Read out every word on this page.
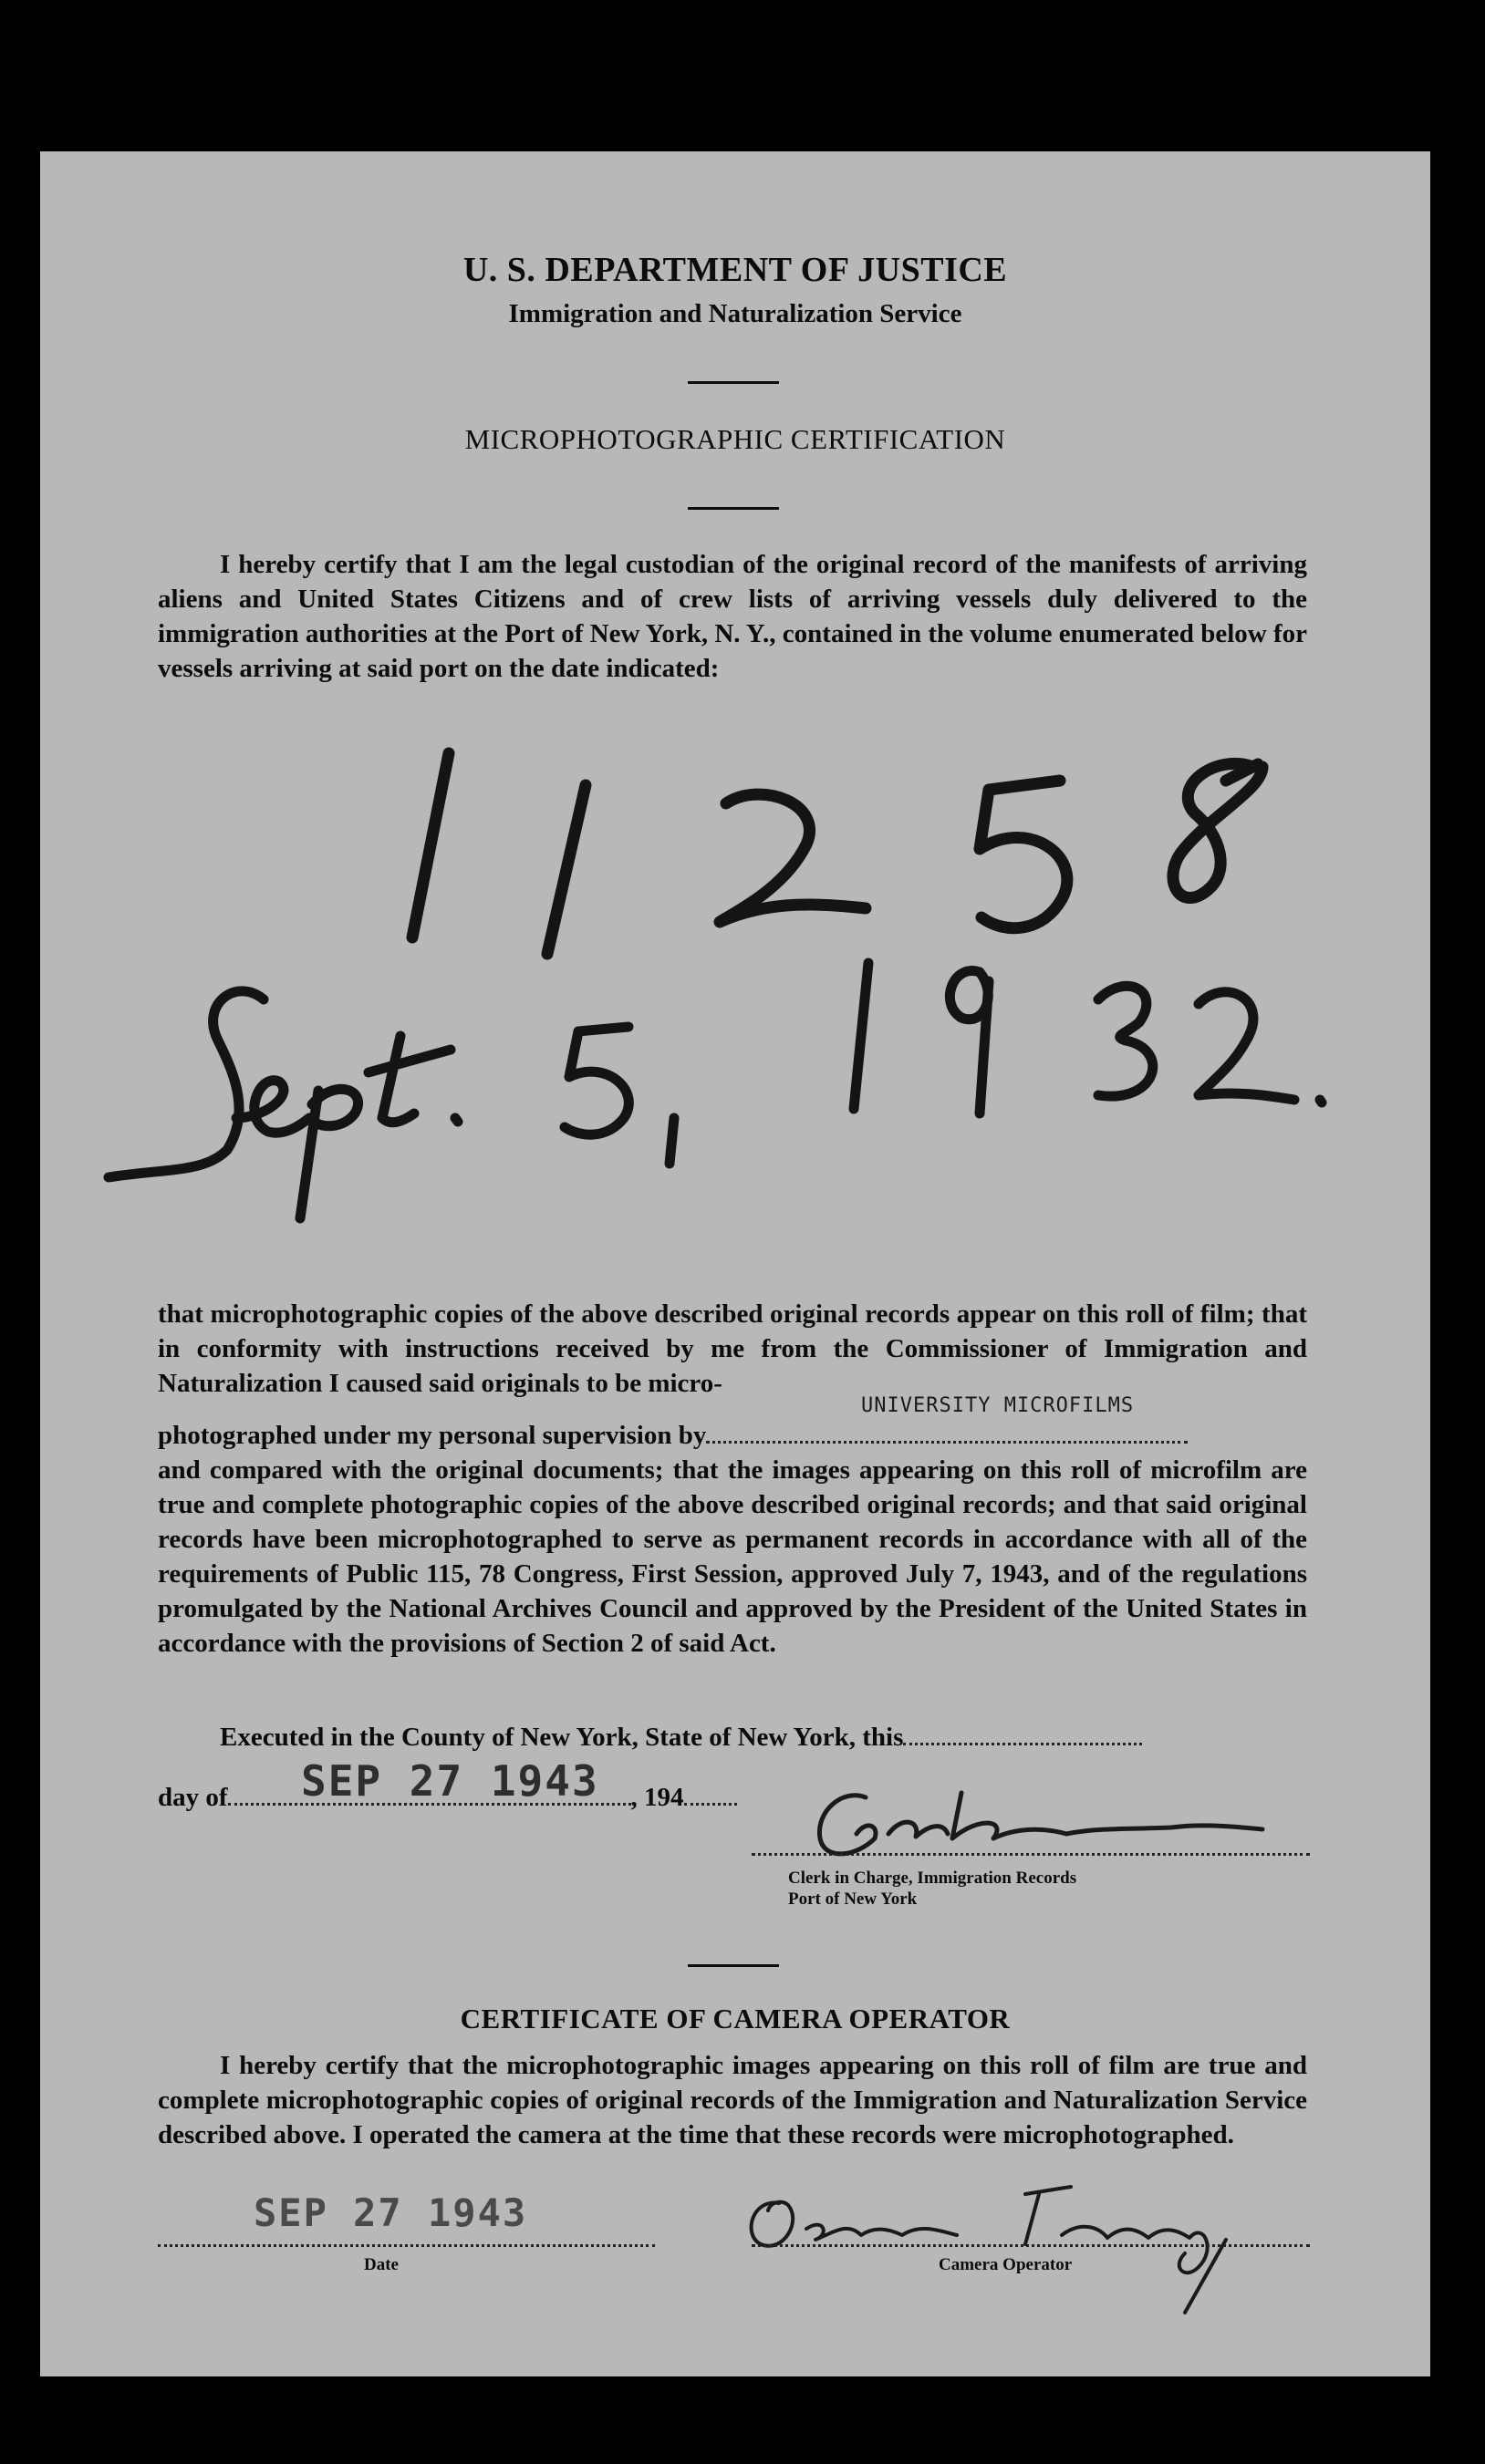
U. S. DEPARTMENT OF JUSTICE
Immigration and Naturalization Service
MICROPHOTOGRAPHIC CERTIFICATION
I hereby certify that I am the legal custodian of the original record of the manifests of arriving aliens and United States Citizens and of crew lists of arriving vessels duly delivered to the immigration authorities at the Port of New York, N. Y., contained in the volume enumerated below for vessels arriving at said port on the date indicated:
that microphotographic copies of the above described original records appear on this roll of film; that in conformity with instructions received by me from the Commissioner of Immigration and Naturalization I caused said originals to be micro-
photographed under my personal supervision by
UNIVERSITY MICROFILMS
and compared with the original documents; that the images appearing on this roll of microfilm are true and complete photographic copies of the above described original records; and that said original records have been microphotographed to serve as permanent records in accordance with all of the requirements of Public 115, 78 Congress, First Session, approved July 7, 1943, and of the regulations promulgated by the National Archives Council and approved by the President of the United States in accordance with the provisions of Section 2 of said Act.
Executed in the County of New York, State of New York, this
day of	, 194
SEP 27 1943
Clerk in Charge, Immigration Records
Port of New York
CERTIFICATE OF CAMERA OPERATOR
I hereby certify that the microphotographic images appearing on this roll of film are true and complete microphotographic copies of original records of the Immigration and Naturalization Service described above. I operated the camera at the time that these records were microphotographed.
SEP 27 1943
Date	Camera Operator
